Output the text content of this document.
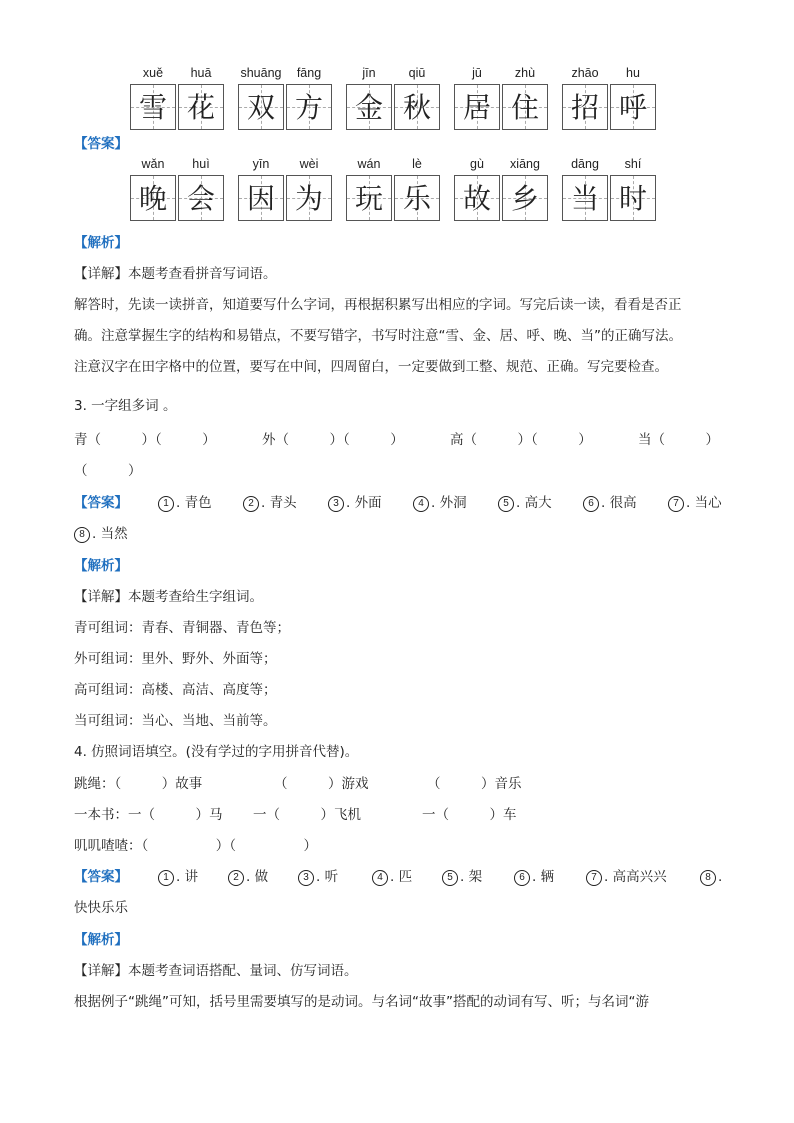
xuě	huā
雪 花
shuāng	fāng
双 方
jīn	qiū
金 秋
jū	zhù
居 住
zhāo	hu
招 呼
【答案】
wǎn	huì
晚 会
yīn	wèi
因 为
wán	lè
玩 乐
gù	xiāng
故 乡
dāng	shí
当 时
【解析】
【详解】本题考查看拼音写词语。
解答时，先读一读拼音，知道要写什么字词，再根据积累写出相应的字词。写完后读一读，看看是否正
确。注意掌握生字的结构和易错点，不要写错字，书写时注意“雪、金、居、呼、晚、当”的正确写法。
注意汉字在田字格中的位置，要写在中间，四周留白，一定要做到工整、规范、正确。写完要检查。
3. 一字组多词 。
青（　　　）（　　　）	外（　　　）（　　　）	高（　　　）（　　　）	当（　　　）
（　　　）
【答案】	1 . 青色	2 . 青头	3 . 外面	4 . 外洞	5 . 高大	6 . 很高	7 . 当心
8 . 当然
【解析】
【详解】本题考查给生字组词。
青可组词：青春、青铜器、青色等；
外可组词：里外、野外、外面等；
高可组词：高楼、高洁、高度等；
当可组词：当心、当地、当前等。
4. 仿照词语填空。(没有学过的字用拼音代替)。
跳绳：（　　　）故事	（　　　）游戏	（　　　）音乐
一本书：一（　　　）马 一（　　　）飞机	一（　　　）车
叽叽喳喳：（　　　　　）（　　　　　）
【答案】	1 . 讲	2 . 做	3 . 听	4 . 匹	5 . 架	6 . 辆	7 . 高高兴兴	8 .
快快乐乐
【解析】
【详解】本题考查词语搭配、量词、仿写词语。
根据例子“跳绳”可知，括号里需要填写的是动词。与名词“故事”搭配的动词有写、听；与名词“游
